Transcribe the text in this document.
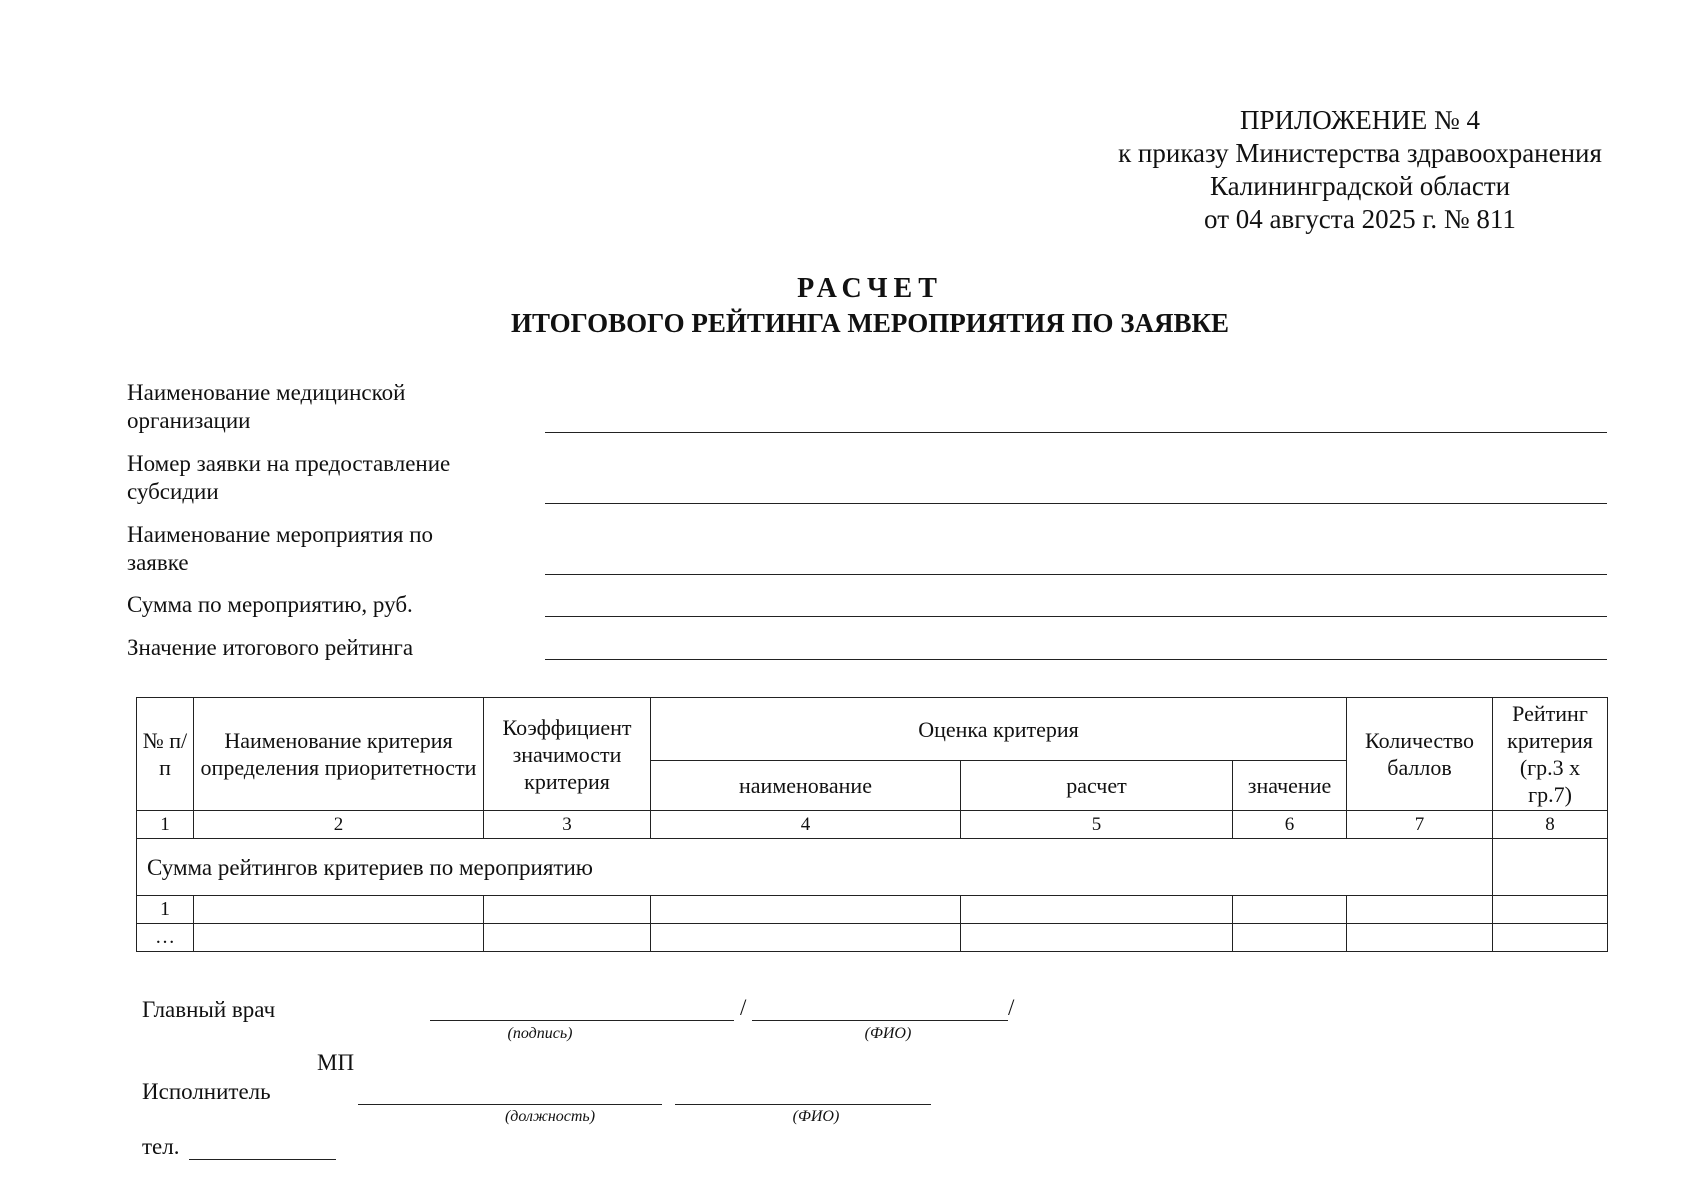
ПРИЛОЖЕНИЕ № 4
к приказу Министерства здравоохранения
Калининградской области
от 04 августа 2025 г. № 811
РАСЧЕТ
ИТОГОВОГО РЕЙТИНГА МЕРОПРИЯТИЯ ПО ЗАЯВКЕ
Наименование медицинской
организации
Номер заявки на предоставление
субсидии
Наименование мероприятия по
заявке
Сумма по мероприятию, руб.
Значение итогового рейтинга
№ п/п	Наименование критерия определения приоритетности	Коэффициент значимости критерия	Оценка критерия			Количество баллов	Рейтинг критерия (гр.3 х гр.7)
			наименование	расчет	значение		
1	2	3	4	5	6	7	8
Сумма рейтингов критериев по мероприятию							
1							
…							
Главный врач	/	/
(подпись)	(ФИО)
МП
Исполнитель
(должность)	(ФИО)
тел.
